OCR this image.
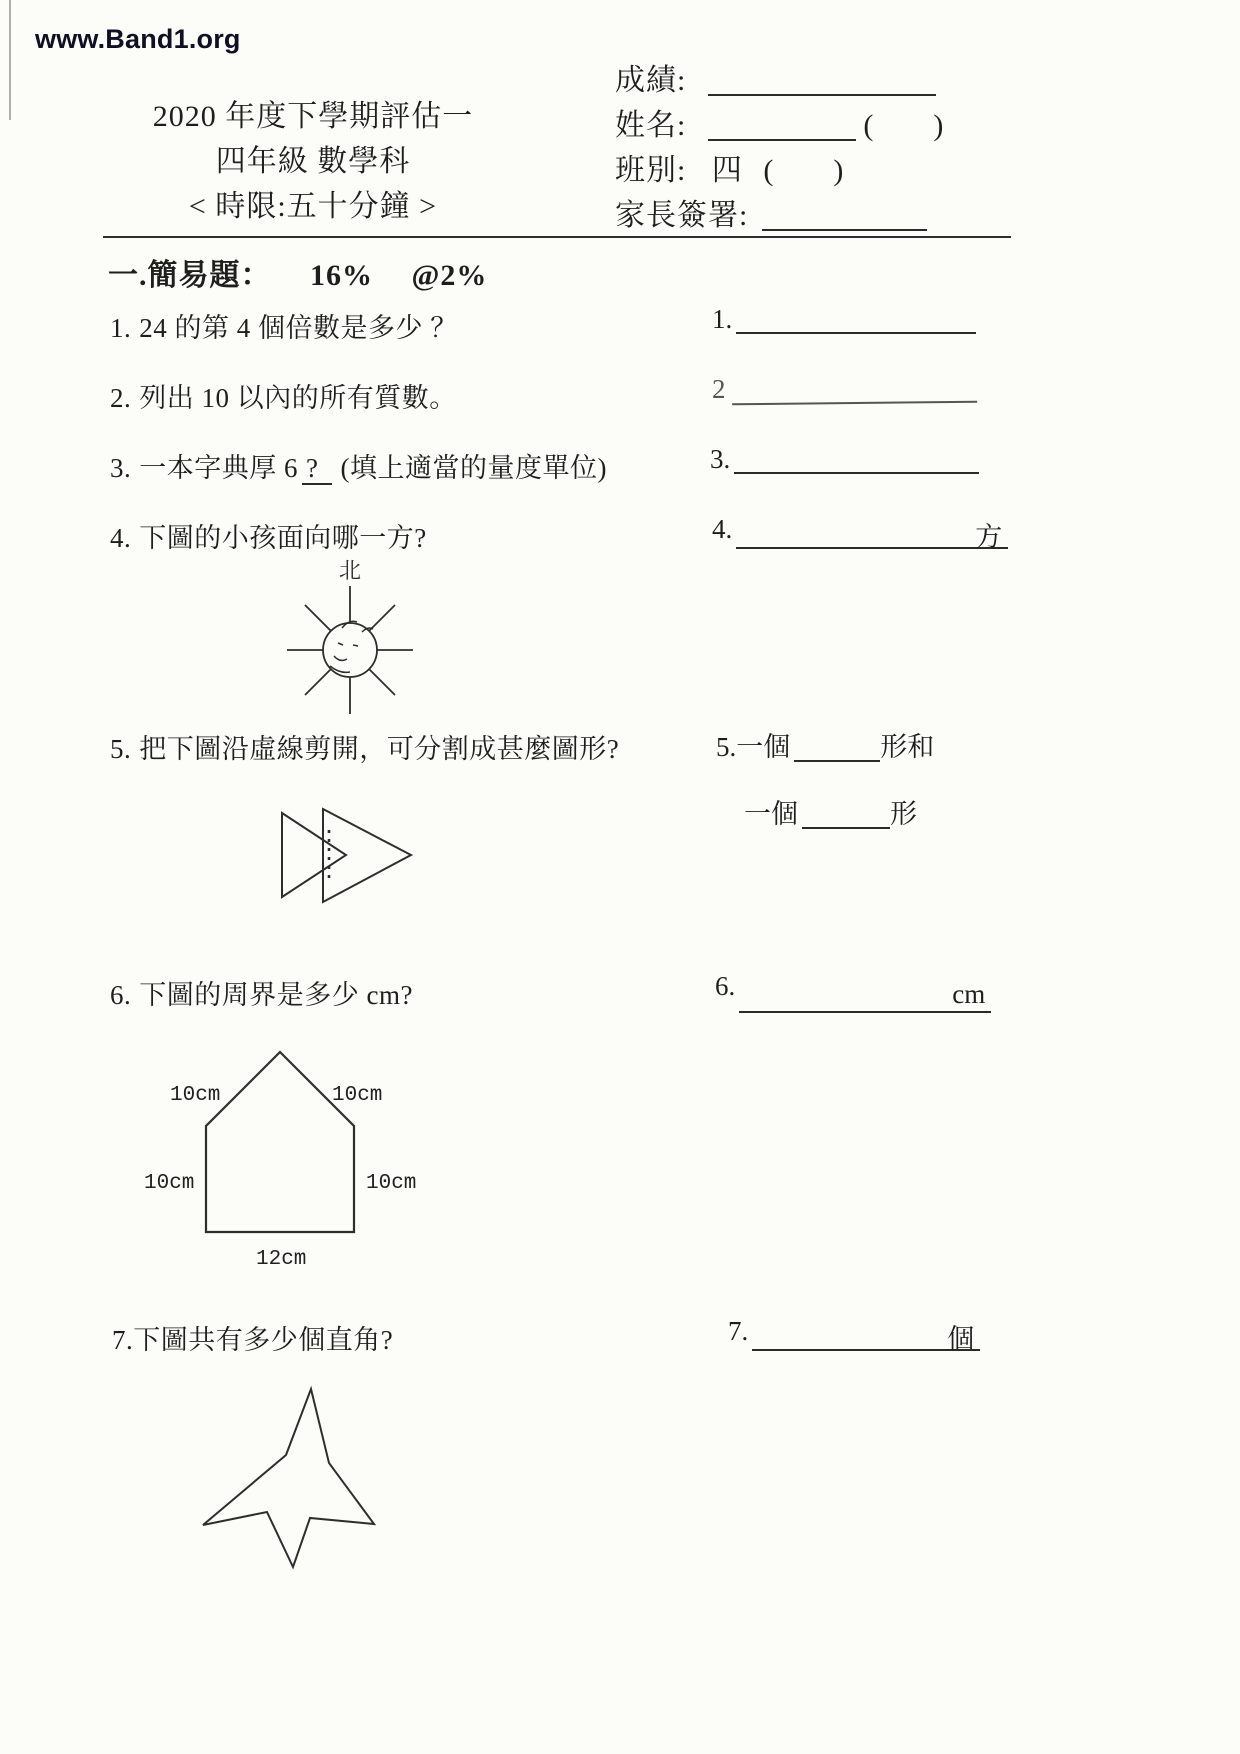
www.Band1.org
成績:
姓名:	(　　)
班別: 四 (　　)
家長簽署:
2020 年度下學期評估一
四年級 數學科
< 時限:五十分鐘 >
一.簡易題： 16% @2%
1. 24 的第 4 個倍數是多少 ？	1.
2. 列出 10 以內的所有質數。	2
3. 一本字典厚 6 ? (填上適當的量度單位)	3.
4. 下圖的小孩面向哪一方?	4.	方
北
5. 把下圖沿虛線剪開，可分割成甚麼圖形?	5.一個	形和
一個	形
6. 下圖的周界是多少 cm?	6.	cm
10cm	10cm
10cm	10cm
12cm
7.下圖共有多少個直角?	7.	個
